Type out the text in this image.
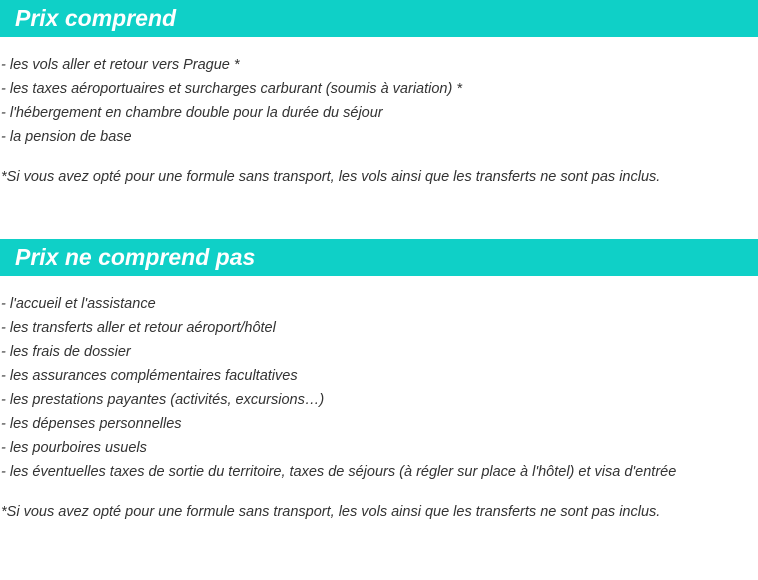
Prix comprend
- les vols aller et retour vers Prague *
- les taxes aéroportuaires et surcharges carburant (soumis à variation) *
- l'hébergement en chambre double pour la durée du séjour
- la pension de base

*Si vous avez opté pour une formule sans transport, les vols ainsi que les transferts ne sont pas inclus.

Prix ne comprend pas
- l'accueil et l'assistance
- les transferts aller et retour aéroport/hôtel
- les frais de dossier
- les assurances complémentaires facultatives
- les prestations payantes (activités, excursions…)
- les dépenses personnelles
- les pourboires usuels
- les éventuelles taxes de sortie du territoire, taxes de séjours (à régler sur place à l'hôtel) et visa d'entrée

*Si vous avez opté pour une formule sans transport, les vols ainsi que les transferts ne sont pas inclus.
